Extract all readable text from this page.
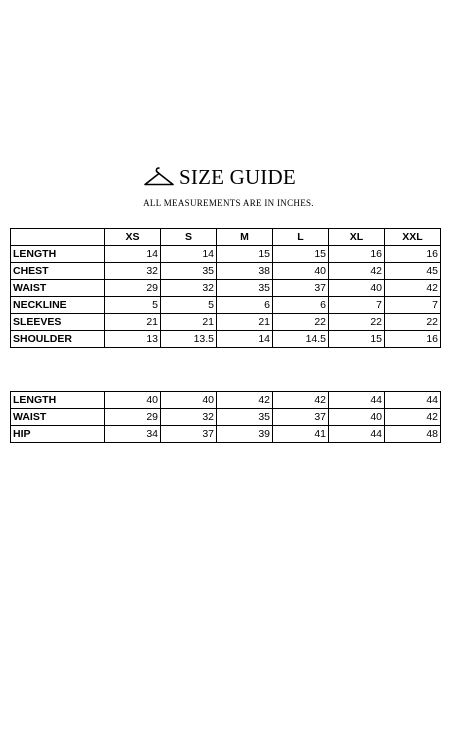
SIZE GUIDE
ALL MEASUREMENTS ARE IN INCHES.
	XS	S	M	L	XL	XXL
LENGTH	14	14	15	15	16	16
CHEST	32	35	38	40	42	45
WAIST	29	32	35	37	40	42
NECKLINE	5	5	6	6	7	7
SLEEVES	21	21	21	22	22	22
SHOULDER	13	13.5	14	14.5	15	16
LENGTH	40	40	42	42	44	44
WAIST	29	32	35	37	40	42
HIP	34	37	39	41	44	48
